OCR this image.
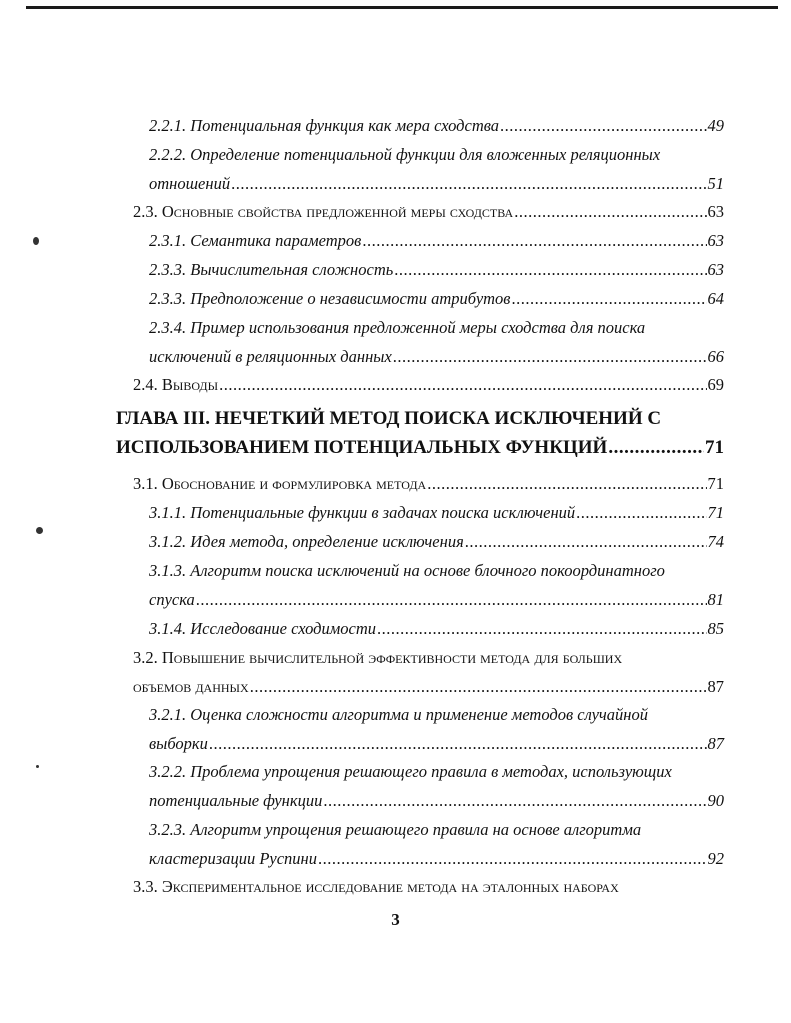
2.2.1. Потенциальная функция как мера сходства .....	49
2.2.2. Определение потенциальной функции для вложенных реляционных
отношений .....	51
2.3. Основные свойства предложенной меры сходства .....	63
2.3.1. Семантика параметров .....	63
2.3.3. Вычислительная сложность .....	63
2.3.3. Предположение о независимости атрибутов .....	64
2.3.4. Пример использования предложенной меры сходства для поиска
исключений в реляционных данных .....	66
2.4. Выводы .....	69
ГЛАВА III. НЕЧЕТКИЙ МЕТОД ПОИСКА ИСКЛЮЧЕНИЙ С
ИСПОЛЬЗОВАНИЕМ ПОТЕНЦИАЛЬНЫХ ФУНКЦИЙ .....	71
3.1. Обоснование и формулировка метода .....	71
3.1.1. Потенциальные функции в задачах поиска исключений .....	71
3.1.2. Идея метода, определение исключения .....	74
3.1.3. Алгоритм поиска исключений на основе блочного покоординатного
спуска .....	81
3.1.4. Исследование сходимости .....	85
3.2. Повышение вычислительной эффективности метода для больших
объемов данных .....	87
3.2.1. Оценка сложности алгоритма и применение методов случайной
выборки .....	87
3.2.2. Проблема упрощения решающего правила в методах, использующих
потенциальные функции .....	90
3.2.3. Алгоритм упрощения решающего правила на основе алгоритма
кластеризации Руспини .....	92
3.3. Экспериментальное исследование метода на эталонных наборах
3
